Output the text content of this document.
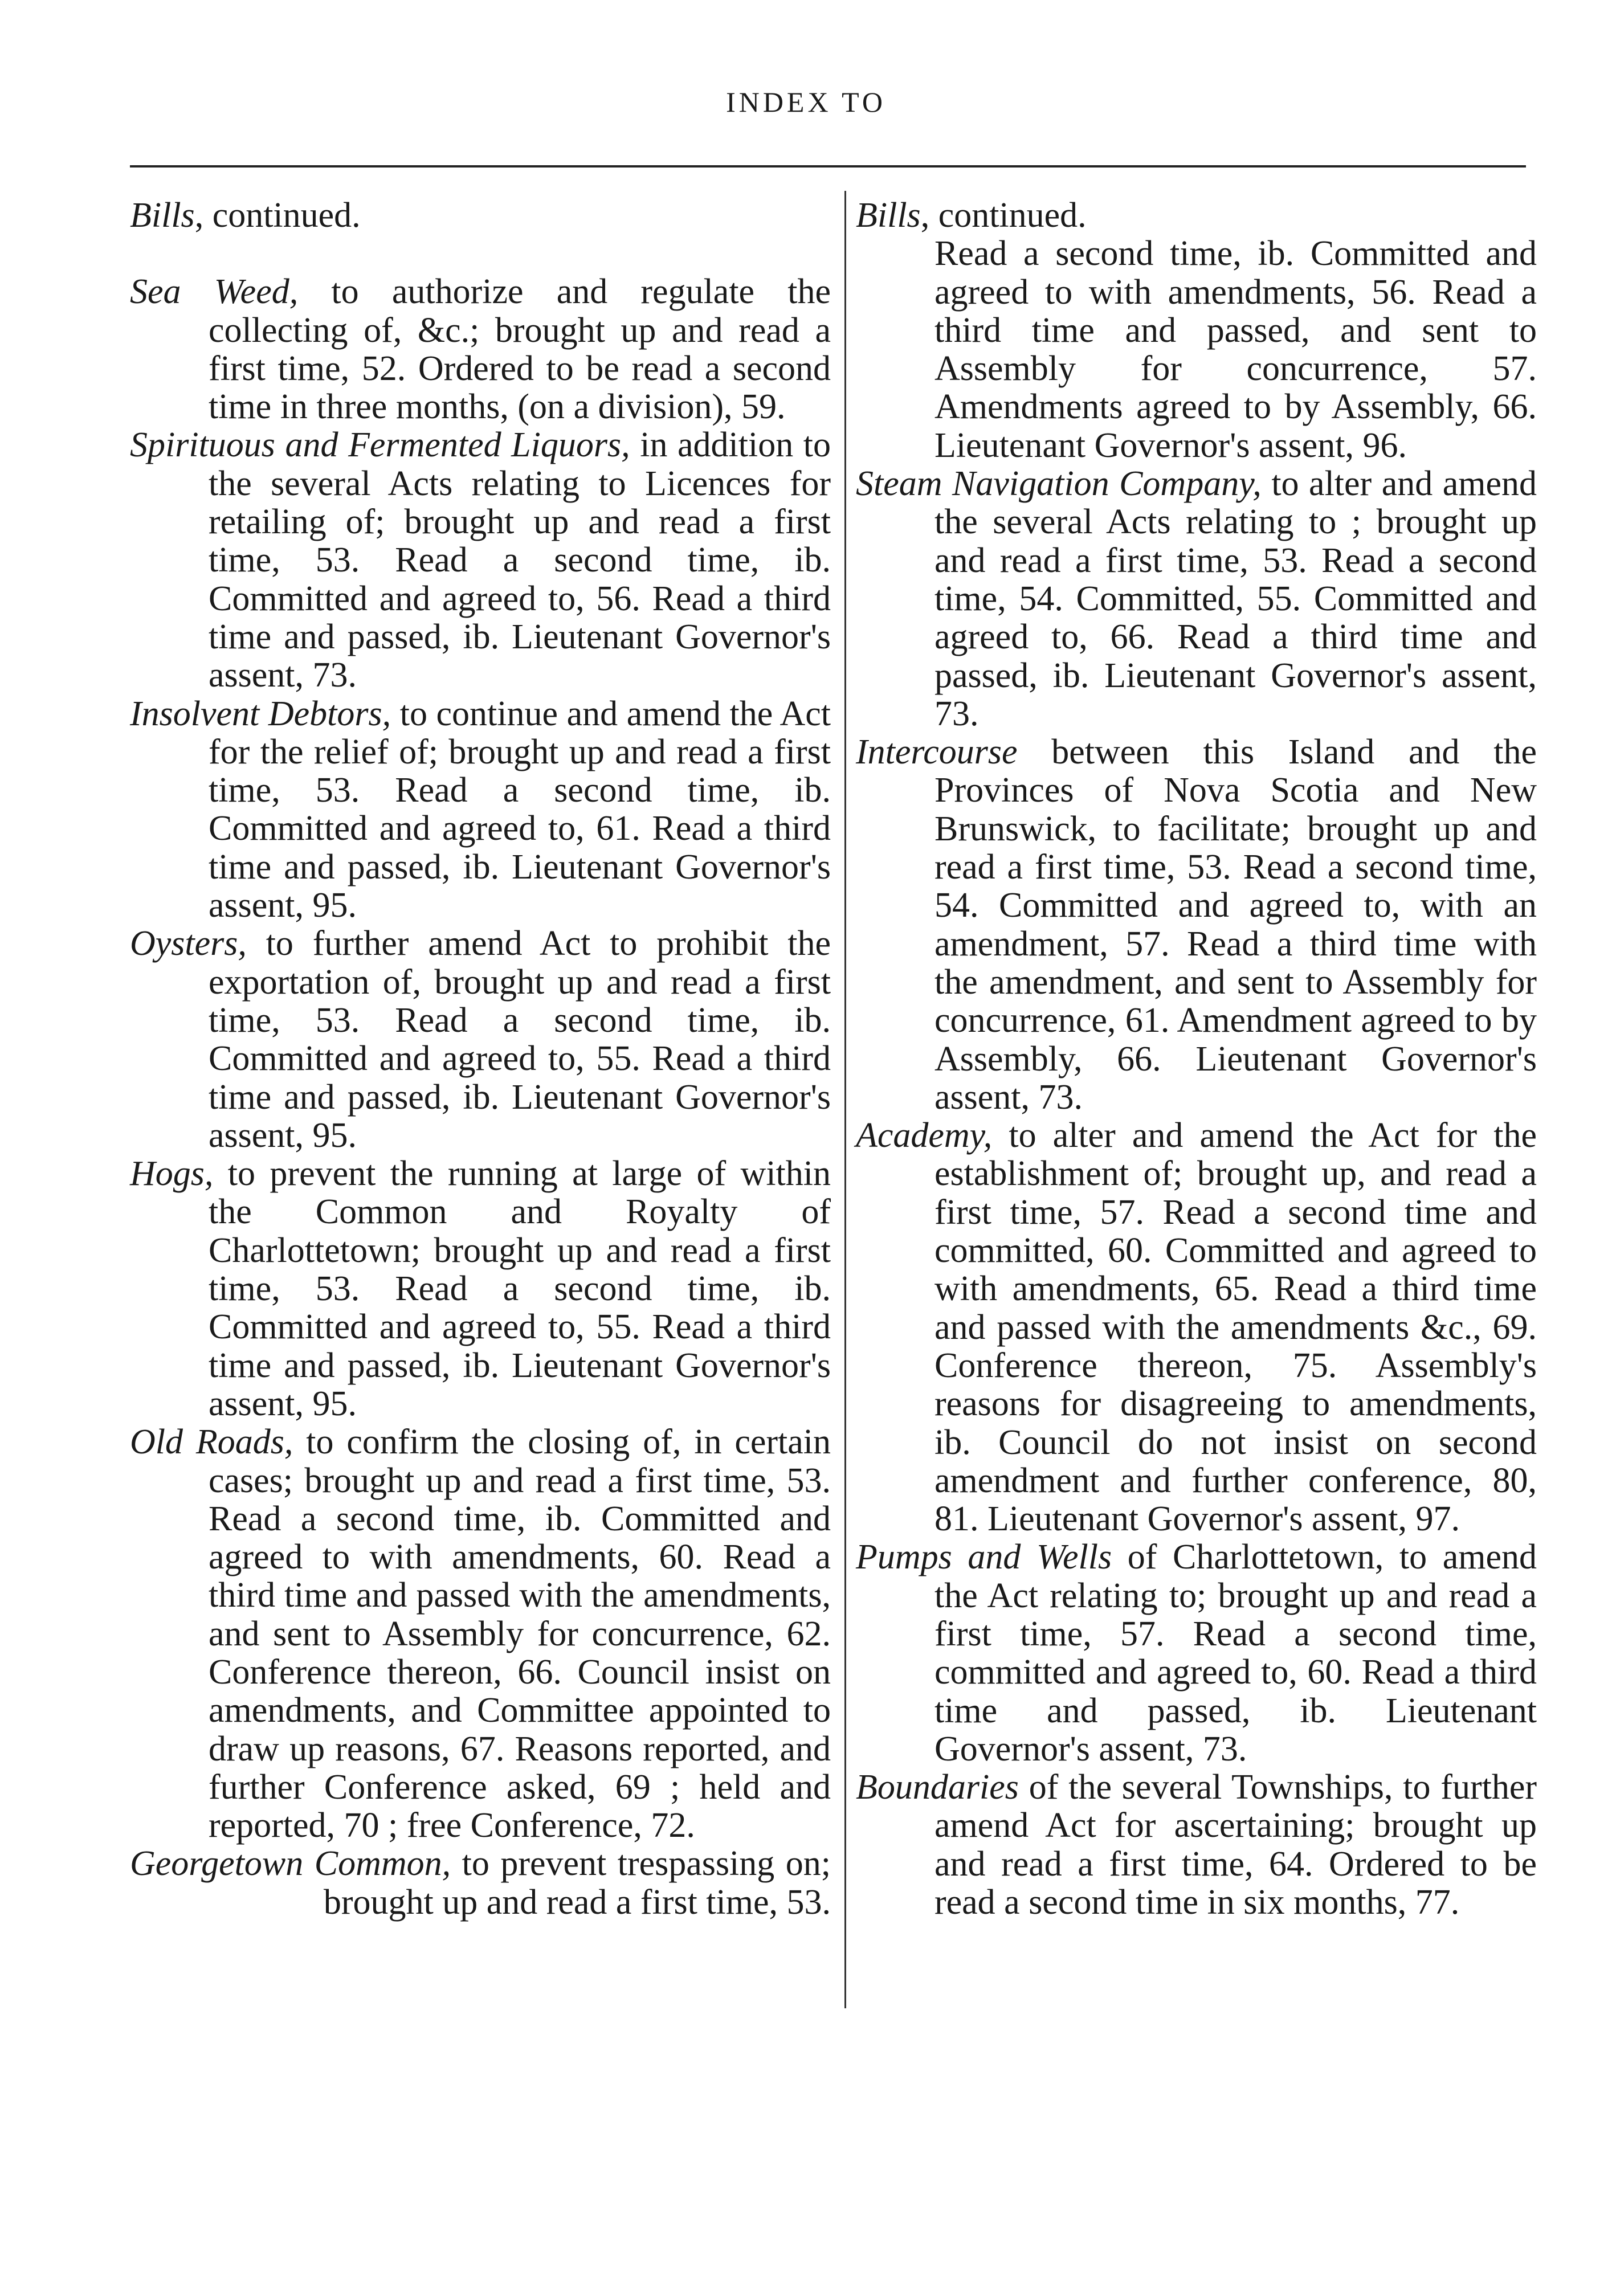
INDEX TO

Bills, continued.

Sea Weed, to authorize and regulate the collecting of, &c.; brought up and read a first time, 52. Ordered to be read a second time in three months, (on a division), 59.

Spirituous and Fermented Liquors, in addition to the several Acts relating to Licences for retailing of; brought up and read a first time, 53. Read a second time, ib. Committed and agreed to, 56. Read a third time and passed, ib. Lieutenant Governor's assent, 73.

Insolvent Debtors, to continue and amend the Act for the relief of; brought up and read a first time, 53. Read a second time, ib. Committed and agreed to, 61. Read a third time and passed, ib. Lieutenant Governor's assent, 95.

Oysters, to further amend Act to prohibit the exportation of, brought up and read a first time, 53. Read a second time, ib. Committed and agreed to, 55. Read a third time and passed, ib. Lieutenant Governor's assent, 95.

Hogs, to prevent the running at large of within the Common and Royalty of Charlottetown; brought up and read a first time, 53. Read a second time, ib. Committed and agreed to, 55. Read a third time and passed, ib. Lieutenant Governor's assent, 95.

Old Roads, to confirm the closing of, in certain cases; brought up and read a first time, 53. Read a second time, ib. Committed and agreed to with amendments, 60. Read a third time and passed with the amendments, and sent to Assembly for concurrence, 62. Conference thereon, 66. Council insist on amendments, and Committee appointed to draw up reasons, 67. Reasons reported, and further Conference asked, 69 ; held and reported, 70 ; free Conference, 72.

Georgetown Common, to prevent trespassing on; brought up and read a first time, 53.

Bills, continued.

Read a second time, ib. Committed and agreed to with amendments, 56. Read a third time and passed, and sent to Assembly for concurrence, 57. Amendments agreed to by Assembly, 66. Lieutenant Governor's assent, 96.

Steam Navigation Company, to alter and amend the several Acts relating to ; brought up and read a first time, 53. Read a second time, 54. Committed, 55. Committed and agreed to, 66. Read a third time and passed, ib. Lieutenant Governor's assent, 73.

Intercourse between this Island and the Provinces of Nova Scotia and New Brunswick, to facilitate; brought up and read a first time, 53. Read a second time, 54. Committed and agreed to, with an amendment, 57. Read a third time with the amendment, and sent to Assembly for concurrence, 61. Amendment agreed to by Assembly, 66. Lieutenant Governor's assent, 73.

Academy, to alter and amend the Act for the establishment of; brought up, and read a first time, 57. Read a second time and committed, 60. Committed and agreed to with amendments, 65. Read a third time and passed with the amendments &c., 69. Conference thereon, 75. Assembly's reasons for disagreeing to amendments, ib. Council do not insist on second amendment and further conference, 80, 81. Lieutenant Governor's assent, 97.

Pumps and Wells of Charlottetown, to amend the Act relating to; brought up and read a first time, 57. Read a second time, committed and agreed to, 60. Read a third time and passed, ib. Lieutenant Governor's assent, 73.

Boundaries of the several Townships, to further amend Act for ascertaining; brought up and read a first time, 64. Ordered to be read a second time in six months, 77.
